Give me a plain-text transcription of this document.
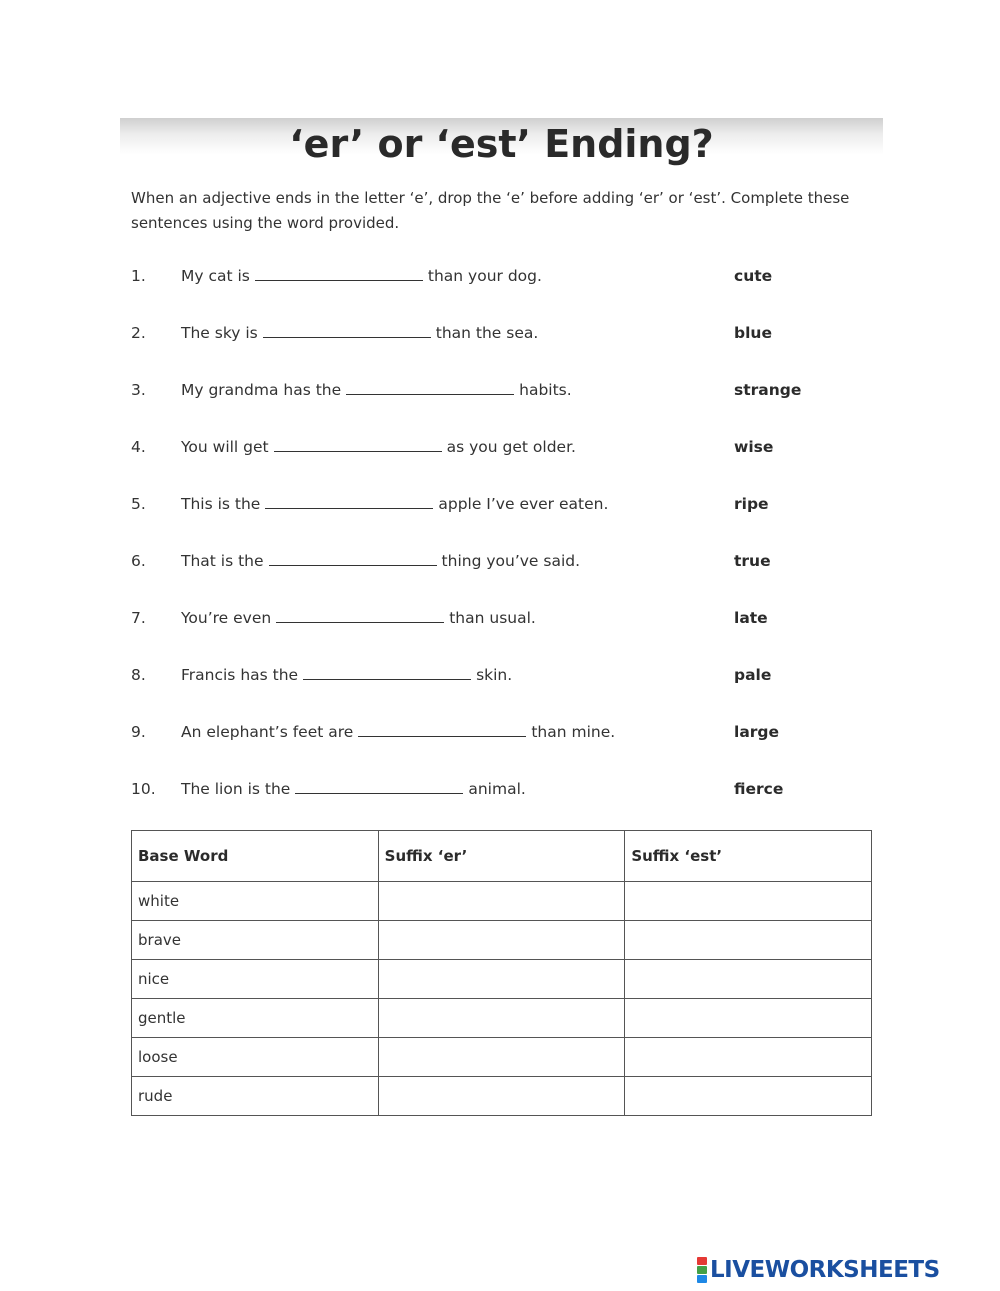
‘er’ or ‘est’ Ending?
When an adjective ends in the letter ‘e’, drop the ‘e’ before adding ‘er’ or ‘est’. Complete these sentences using the word provided.
1. My cat is	than your dog.	cute
2. The sky is	than the sea.	blue
3. My grandma has the	habits.	strange
4. You will get	as you get older.	wise
5. This is the	apple I’ve ever eaten.	ripe
6. That is the	thing you’ve said.	true
7. You’re even	than usual.	late
8. Francis has the	skin.	pale
9. An elephant’s feet are	than mine.	large
10. The lion is the	animal.	fierce
Base Word	Suffix ‘er’	Suffix ‘est’
white		
brave		
nice		
gentle		
loose		
rude		
LIVEWORKSHEETS
